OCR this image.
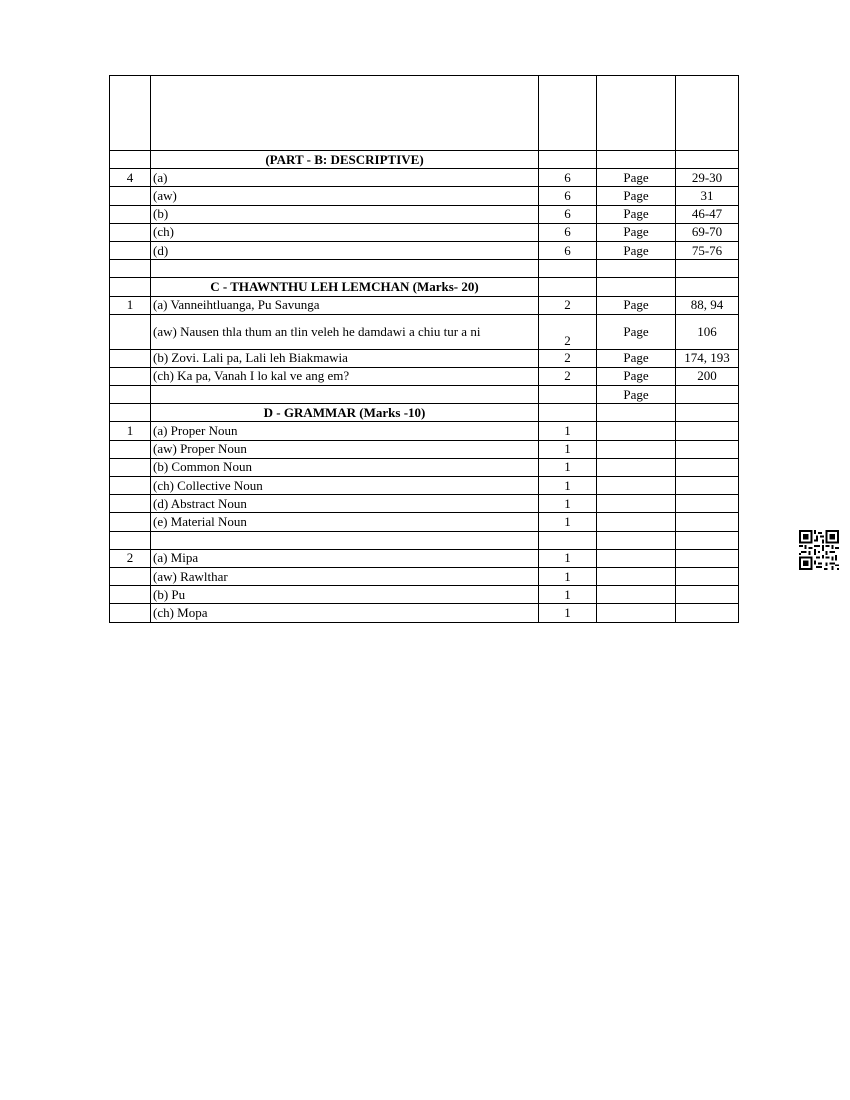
	(PART - B: DESCRIPTIVE)			
4	(a)	6	Page	29-30
	(aw)	6	Page	31
	(b)	6	Page	46-47
	(ch)	6	Page	69-70
	(d)	6	Page	75-76

	C - THAWNTHU LEH LEMCHAN (Marks- 20)			
1	(a) Vanneihtluanga, Pu Savunga	2	Page	88, 94
	(aw) Nausen thla thum an tlin veleh he damdawi a chiu tur a ni	2	Page	106
	(b) Zovi. Lali pa, Lali leh Biakmawia	2	Page	174, 193
	(ch) Ka pa, Vanah I lo kal ve ang em?	2	Page	200
			Page	
	D - GRAMMAR (Marks -10)			
1	(a) Proper Noun	1		
	(aw) Proper Noun	1		
	(b) Common Noun	1		
	(ch) Collective Noun	1		
	(d) Abstract Noun	1		
	(e) Material Noun	1		

2	(a) Mipa	1		
	(aw) Rawlthar	1		
	(b) Pu	1		
	(ch) Mopa	1		
